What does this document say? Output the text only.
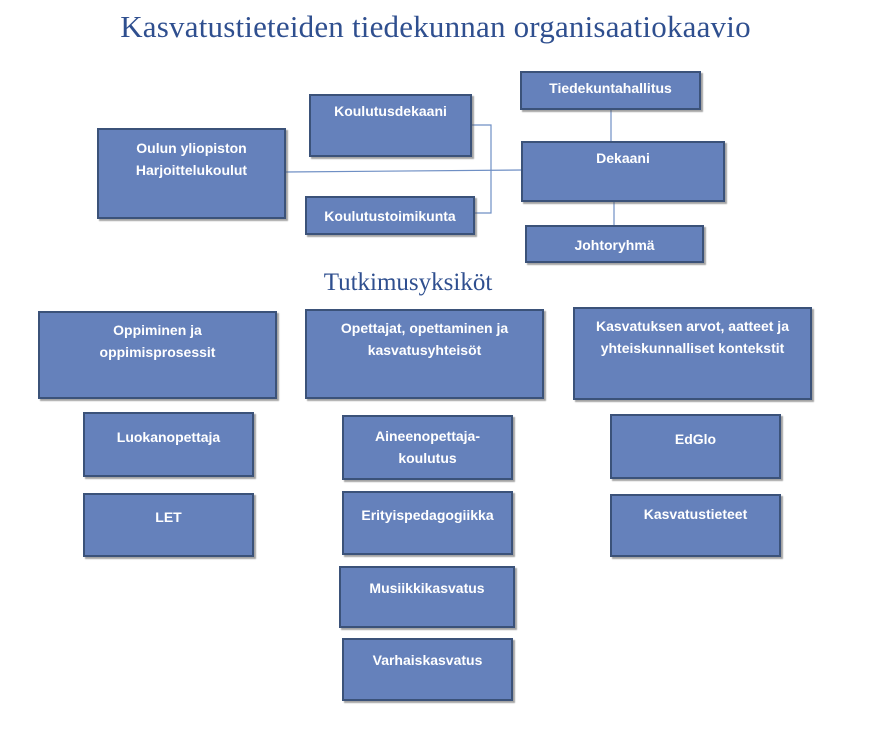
Kasvatustieteiden tiedekunnan organisaatiokaavio
Tiedekuntahallitus
Dekaani
Johtoryhmä
Koulutusdekaani
Koulutustoimikunta
Oulun yliopiston
Harjoittelukoulut
Tutkimusyksiköt
Oppiminen ja
oppimisprosessit
Opettajat, opettaminen ja
kasvatusyhteisöt
Kasvatuksen arvot, aatteet ja
yhteiskunnalliset kontekstit
Luokanopettaja
LET
Aineenopettaja-
koulutus
Erityispedagogiikka
Musiikkikasvatus
Varhaiskasvatus
EdGlo
Kasvatustieteet
